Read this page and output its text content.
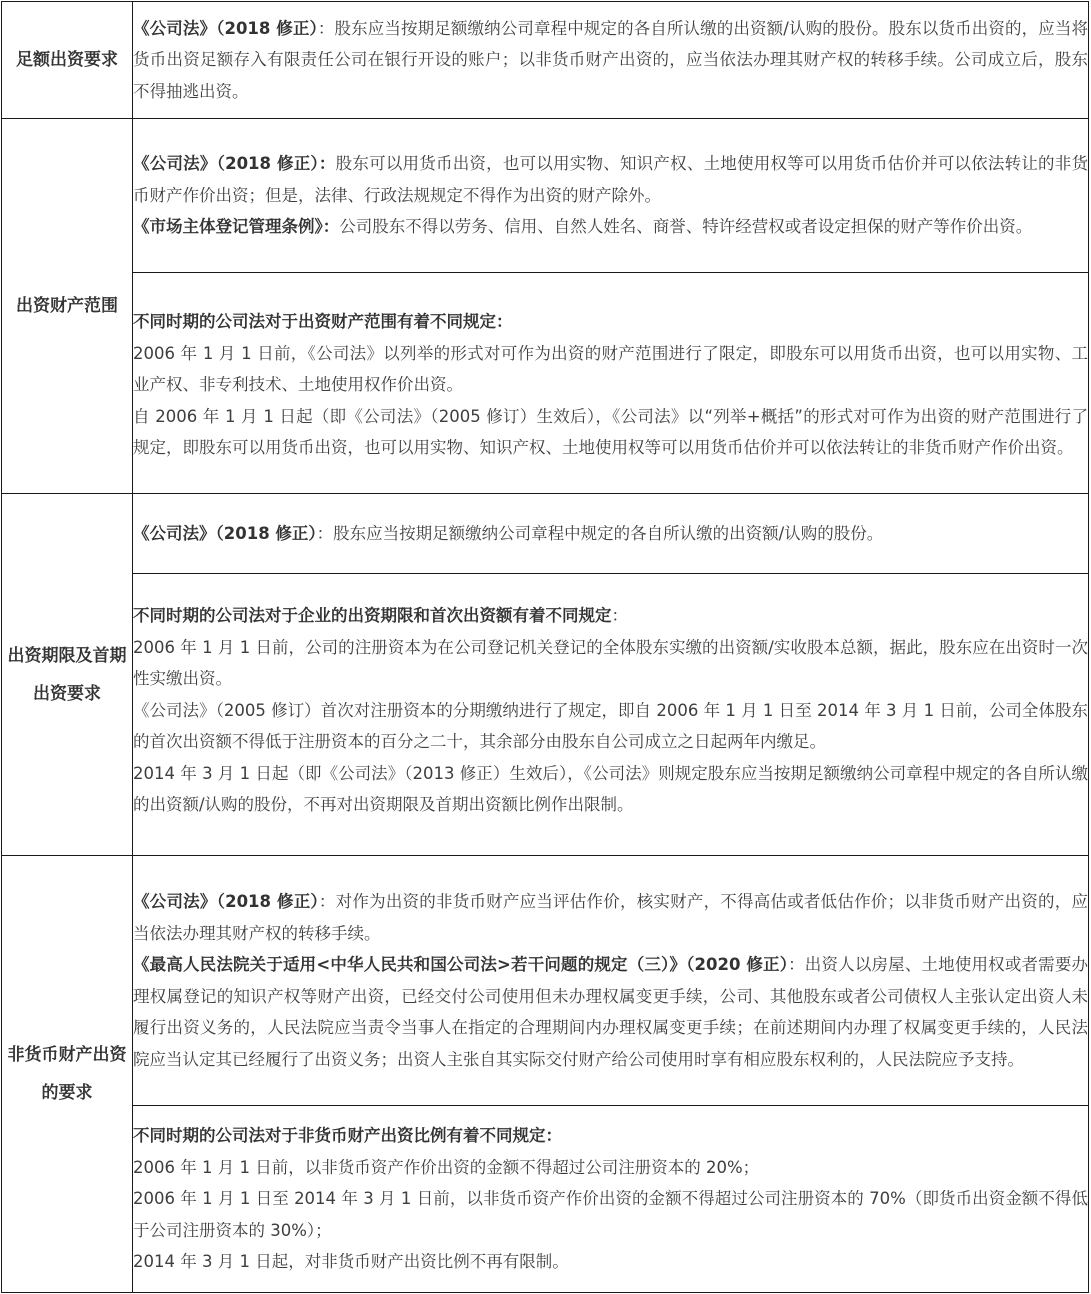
足额出资要求	《公司法》（2018 修正）：股东应当按期足额缴纳公司章程中规定的各自所认缴的出资额/认购的股份。股东以货币出资的，应当将货币出资足额存入有限责任公司在银行开设的账户；以非货币财产出资的，应当依法办理其财产权的转移手续。公司成立后，股东不得抽逃出资。

出资财产范围	《公司法》（2018 修正）：股东可以用货币出资，也可以用实物、知识产权、土地使用权等可以用货币估价并可以依法转让的非货币财产作价出资；但是，法律、行政法规规定不得作为出资的财产除外。

《市场主体登记管理条例》：公司股东不得以劳务、信用、自然人姓名、商誉、特许经营权或者设定担保的财产等作价出资。

	不同时期的公司法对于出资财产范围有着不同规定：

2006 年 1 月 1 日前，《公司法》以列举的形式对可作为出资的财产范围进行了限定，即股东可以用货币出资，也可以用实物、工业产权、非专利技术、土地使用权作价出资。

自 2006 年 1 月 1 日起（即《公司法》（2005 修订）生效后），《公司法》以“列举+概括”的形式对可作为出资的财产范围进行了规定，即股东可以用货币出资，也可以用实物、知识产权、土地使用权等可以用货币估价并可以依法转让的非货币财产作价出资。

出资期限及首期出资要求	《公司法》（2018 修正）：股东应当按期足额缴纳公司章程中规定的各自所认缴的出资额/认购的股份。

	不同时期的公司法对于企业的出资期限和首次出资额有着不同规定：

2006 年 1 月 1 日前，公司的注册资本为在公司登记机关登记的全体股东实缴的出资额/实收股本总额，据此，股东应在出资时一次性实缴出资。

《公司法》（2005 修订）首次对注册资本的分期缴纳进行了规定，即自 2006 年 1 月 1 日至 2014 年 3 月 1 日前，公司全体股东的首次出资额不得低于注册资本的百分之二十，其余部分由股东自公司成立之日起两年内缴足。

2014 年 3 月 1 日起（即《公司法》（2013 修正）生效后），《公司法》则规定股东应当按期足额缴纳公司章程中规定的各自所认缴的出资额/认购的股份，不再对出资期限及首期出资额比例作出限制。

非货币财产出资的要求	《公司法》（2018 修正）：对作为出资的非货币财产应当评估作价，核实财产，不得高估或者低估作价；以非货币财产出资的，应当依法办理其财产权的转移手续。

《最高人民法院关于适用<中华人民共和国公司法>若干问题的规定（三）》（2020 修正）：出资人以房屋、土地使用权或者需要办理权属登记的知识产权等财产出资，已经交付公司使用但未办理权属变更手续，公司、其他股东或者公司债权人主张认定出资人未履行出资义务的，人民法院应当责令当事人在指定的合理期间内办理权属变更手续；在前述期间内办理了权属变更手续的，人民法院应当认定其已经履行了出资义务；出资人主张自其实际交付财产给公司使用时享有相应股东权利的，人民法院应予支持。

	不同时期的公司法对于非货币财产出资比例有着不同规定：

2006 年 1 月 1 日前，以非货币资产作价出资的金额不得超过公司注册资本的 20%；

2006 年 1 月 1 日至 2014 年 3 月 1 日前，以非货币资产作价出资的金额不得超过公司注册资本的 70%（即货币出资金额不得低于公司注册资本的 30%）；

2014 年 3 月 1 日起，对非货币财产出资比例不再有限制。
